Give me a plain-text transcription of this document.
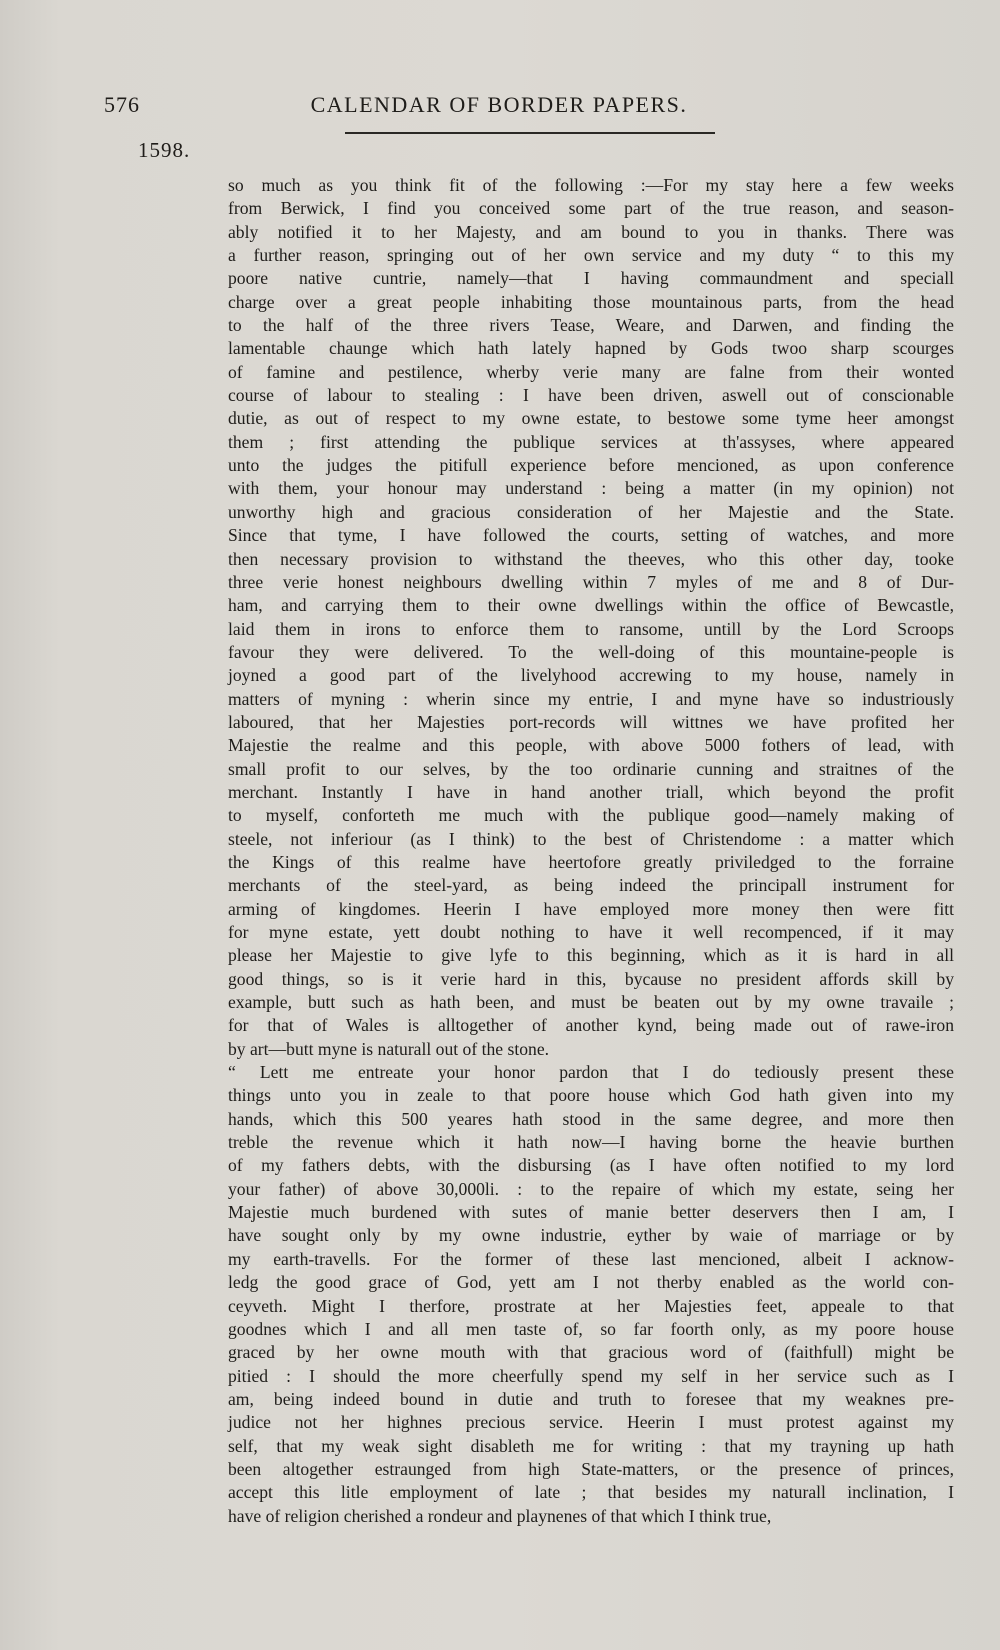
576	CALENDAR OF BORDER PAPERS.
1598.
so much as you think fit of the following :—For my stay here a few weeks
from Berwick, I find you conceived some part of the true reason, and season-
ably notified it to her Majesty, and am bound to you in thanks. There was
a further reason, springing out of her own service and my duty “ to this my
poore native cuntrie, namely—that I having commaundment and speciall
charge over a great people inhabiting those mountainous parts, from the head
to the half of the three rivers Tease, Weare, and Darwen, and finding the
lamentable chaunge which hath lately hapned by Gods twoo sharp scourges
of famine and pestilence, wherby verie many are falne from their wonted
course of labour to stealing : I have been driven, aswell out of conscionable
dutie, as out of respect to my owne estate, to bestowe some tyme heer amongst
them ; first attending the publique services at th'assyses, where appeared
unto the judges the pitifull experience before mencioned, as upon conference
with them, your honour may understand : being a matter (in my opinion) not
unworthy high and gracious consideration of her Majestie and the State.
Since that tyme, I have followed the courts, setting of watches, and more
then necessary provision to withstand the theeves, who this other day, tooke
three verie honest neighbours dwelling within 7 myles of me and 8 of Dur-
ham, and carrying them to their owne dwellings within the office of Bewcastle,
laid them in irons to enforce them to ransome, untill by the Lord Scroops
favour they were delivered. To the well-doing of this mountaine-people is
joyned a good part of the livelyhood accrewing to my house, namely in
matters of myning : wherin since my entrie, I and myne have so industriously
laboured, that her Majesties port-records will wittnes we have profited her
Majestie the realme and this people, with above 5000 fothers of lead, with
small profit to our selves, by the too ordinarie cunning and straitnes of the
merchant. Instantly I have in hand another triall, which beyond the profit
to myself, conforteth me much with the publique good—namely making of
steele, not inferiour (as I think) to the best of Christendome : a matter which
the Kings of this realme have heertofore greatly priviledged to the forraine
merchants of the steel-yard, as being indeed the principall instrument for
arming of kingdomes. Heerin I have employed more money then were fitt
for myne estate, yett doubt nothing to have it well recompenced, if it may
please her Majestie to give lyfe to this beginning, which as it is hard in all
good things, so is it verie hard in this, bycause no president affords skill by
example, butt such as hath been, and must be beaten out by my owne travaile ;
for that of Wales is alltogether of another kynd, being made out of rawe-iron
by art—butt myne is naturall out of the stone.
“ Lett me entreate your honor pardon that I do tediously present these
things unto you in zeale to that poore house which God hath given into my
hands, which this 500 yeares hath stood in the same degree, and more then
treble the revenue which it hath now—I having borne the heavie burthen
of my fathers debts, with the disbursing (as I have often notified to my lord
your father) of above 30,000li. : to the repaire of which my estate, seing her
Majestie much burdened with sutes of manie better deservers then I am, I
have sought only by my owne industrie, eyther by waie of marriage or by
my earth-travells. For the former of these last mencioned, albeit I acknow-
ledg the good grace of God, yett am I not therby enabled as the world con-
ceyveth. Might I therfore, prostrate at her Majesties feet, appeale to that
goodnes which I and all men taste of, so far foorth only, as my poore house
graced by her owne mouth with that gracious word of (faithfull) might be
pitied : I should the more cheerfully spend my self in her service such as I
am, being indeed bound in dutie and truth to foresee that my weaknes pre-
judice not her highnes precious service. Heerin I must protest against my
self, that my weak sight disableth me for writing : that my trayning up hath
been altogether estraunged from high State-matters, or the presence of princes,
accept this litle employment of late ; that besides my naturall inclination, I
have of religion cherished a rondeur and playnenes of that which I think true,
